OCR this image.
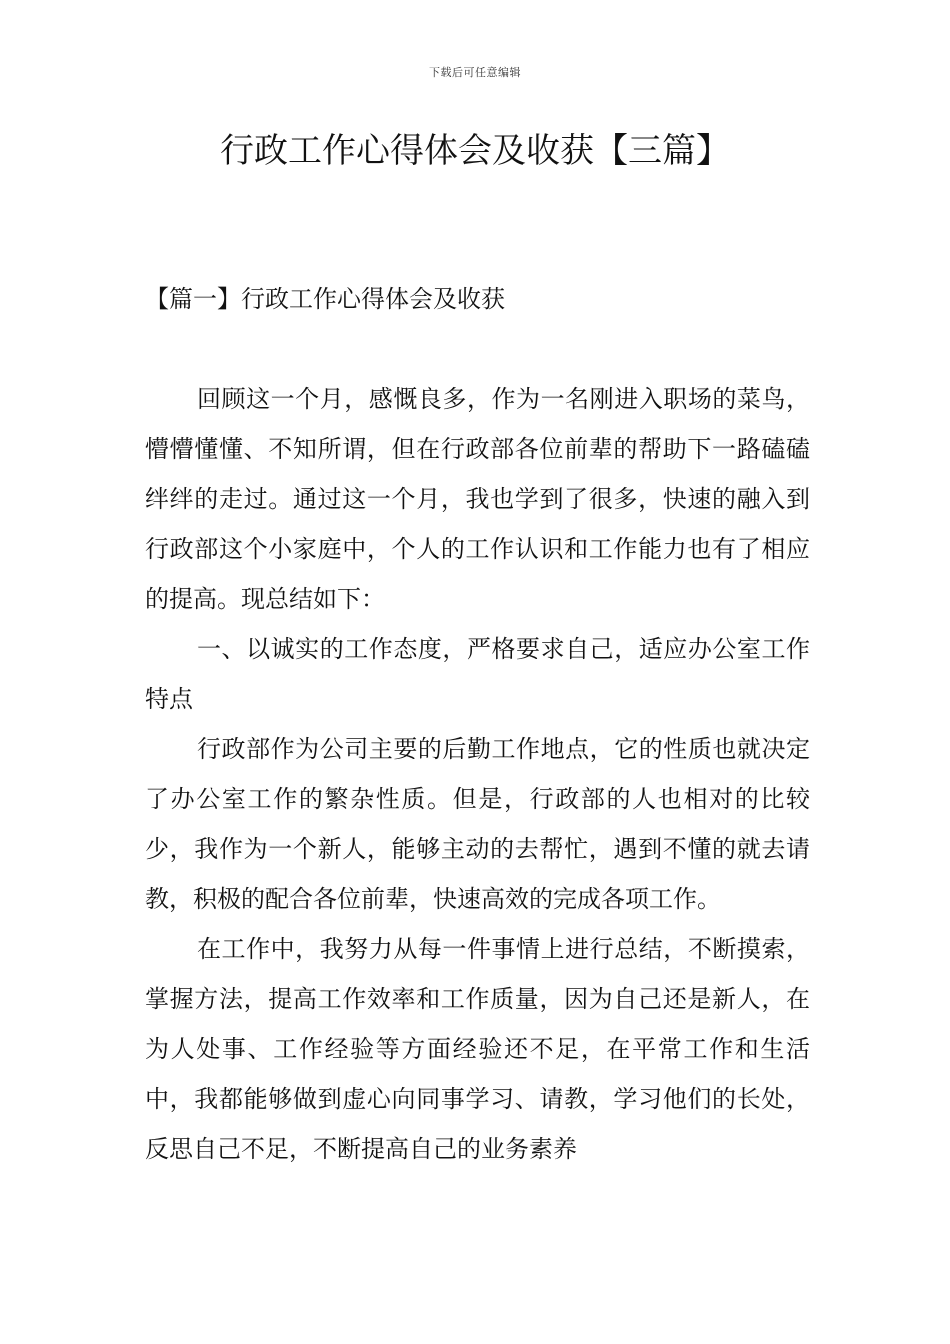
下载后可任意编辑
行政工作心得体会及收获【三篇】
【篇一】行政工作心得体会及收获

回顾这一个月，感慨良多，作为一名刚进入职场的菜鸟，懵懵懂懂、不知所谓，但在行政部各位前辈的帮助下一路磕磕绊绊的走过。通过这一个月，我也学到了很多，快速的融入到行政部这个小家庭中，个人的工作认识和工作能力也有了相应的提高。现总结如下：

一、以诚实的工作态度，严格要求自己，适应办公室工作特点

行政部作为公司主要的后勤工作地点，它的性质也就决定了办公室工作的繁杂性质。但是，行政部的人也相对的比较少，我作为一个新人，能够主动的去帮忙，遇到不懂的就去请教，积极的配合各位前辈，快速高效的完成各项工作。

在工作中，我努力从每一件事情上进行总结，不断摸索，掌握方法，提高工作效率和工作质量，因为自己还是新人，在为人处事、工作经验等方面经验还不足，在平常工作和生活中，我都能够做到虚心向同事学习、请教，学习他们的长处，反思自己不足，不断提高自己的业务素养
